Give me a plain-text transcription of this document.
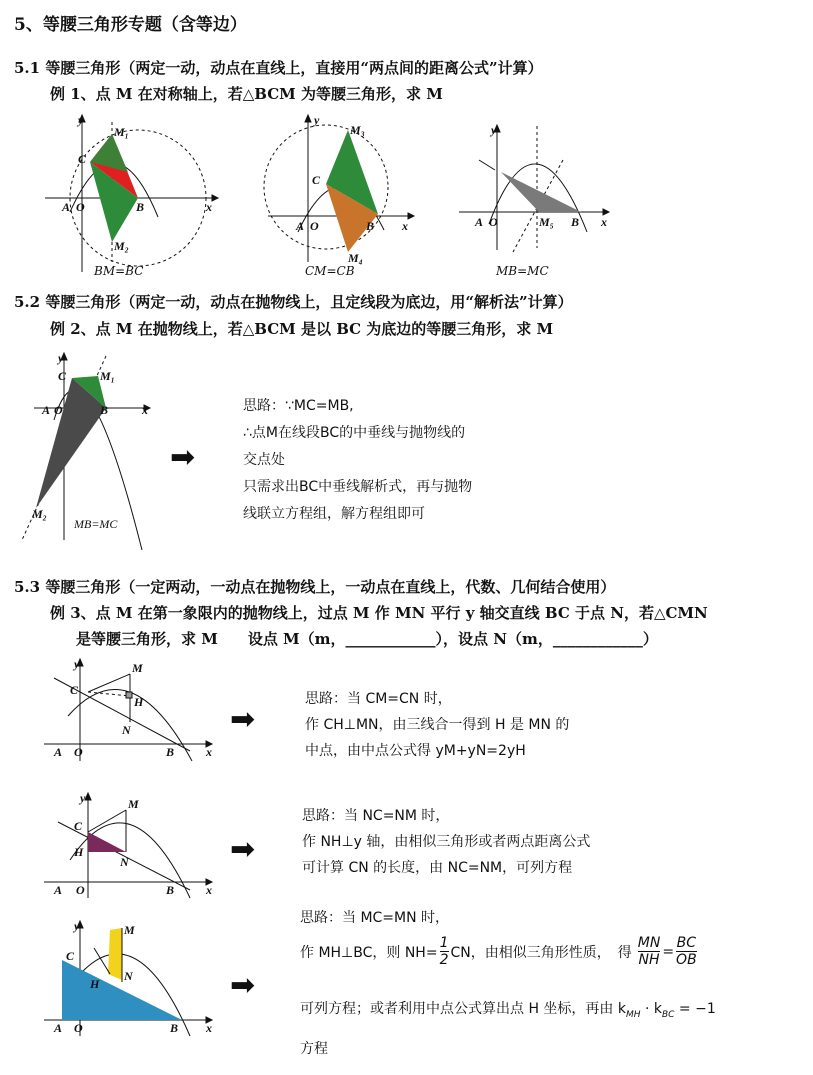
5、等腰三角形专题（含等边）
5.1 等腰三角形（两定一动，动点在直线上，直接用“两点间的距离公式”计算）
例 1、点 M 在对称轴上，若△BCM 为等腰三角形，求 M
y
x
C
A O	B
M₁
M₂
BM=BC
y
x
C
A O	B
M₃
M₄
CM=CB
y
x
A O	M₅ B
MB=MC
5.2 等腰三角形（两定一动，动点在抛物线上，且定线段为底边，用“解析法”计算）
例 2、点 M 在抛物线上，若△BCM 是以 BC 为底边的等腰三角形，求 M
y
x
C
A O	B
M₁
M₂
MB=MC
➡
思路：∵MC=MB,
∴点M在线段BC的中垂线与抛物线的
交点处
只需求出BC中垂线解析式，再与抛物
线联立方程组，解方程组即可
5.3 等腰三角形（一定两动，一动点在抛物线上，一动点在直线上，代数、几何结合使用）
例 3、点 M 在第一象限内的抛物线上，过点 M 作 MN 平行 y 轴交直线 BC 于点 N，若△CMN
是等腰三角形，求 M　　设点 M（m，____________），设点 N（m，____________）
y
x
C
A O	B
M
H
N	➡
思路：当 CM=CN 时，
作 CH⊥MN，由三线合一得到 H 是 MN 的
中点，由中点公式得 yM+yN=2yH
y
x
C
H
A O	B
M
N	➡
思路：当 NC=NM 时，
作 NH⊥y 轴，由相似三角形或者两点距离公式
可计算 CN 的长度，由 NC=NM，可列方程
y
x
C
H
A O	B
M
N	➡
思路：当 MC=MN 时，
作 MH⊥BC，则 $NH= \frac{1}{2}$ CN，由相似三角形性质，　得 $\frac{MN}{NH} = \frac{BC}{OB}$
可列方程；或者利用中点公式算出点 H 坐标，再由 $k_{MH} \cdot k_{BC} = -1$
方程
